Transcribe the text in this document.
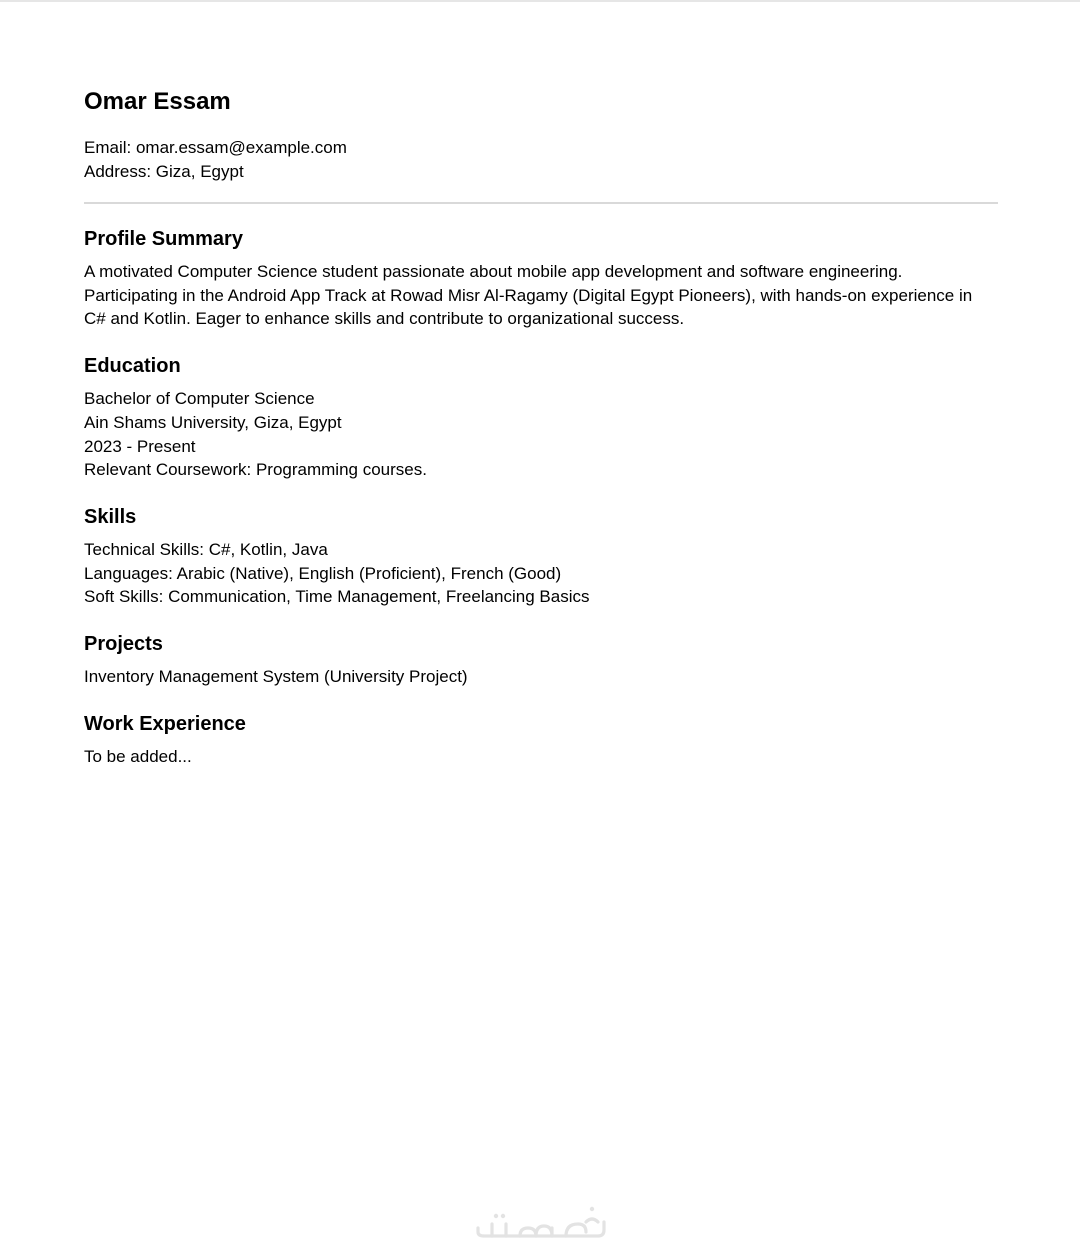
Omar Essam
Email: omar.essam@example.com
Address: Giza, Egypt
Profile Summary
A motivated Computer Science student passionate about mobile app development and software engineering. Participating in the Android App Track at Rowad Misr Al-Ragamy (Digital Egypt Pioneers), with hands-on experience in C# and Kotlin. Eager to enhance skills and contribute to organizational success.
Education
Bachelor of Computer Science
Ain Shams University, Giza, Egypt
2023 - Present
Relevant Coursework: Programming courses.
Skills
Technical Skills: C#, Kotlin, Java
Languages: Arabic (Native), English (Proficient), French (Good)
Soft Skills: Communication, Time Management, Freelancing Basics
Projects
Inventory Management System (University Project)
Work Experience
To be added...
